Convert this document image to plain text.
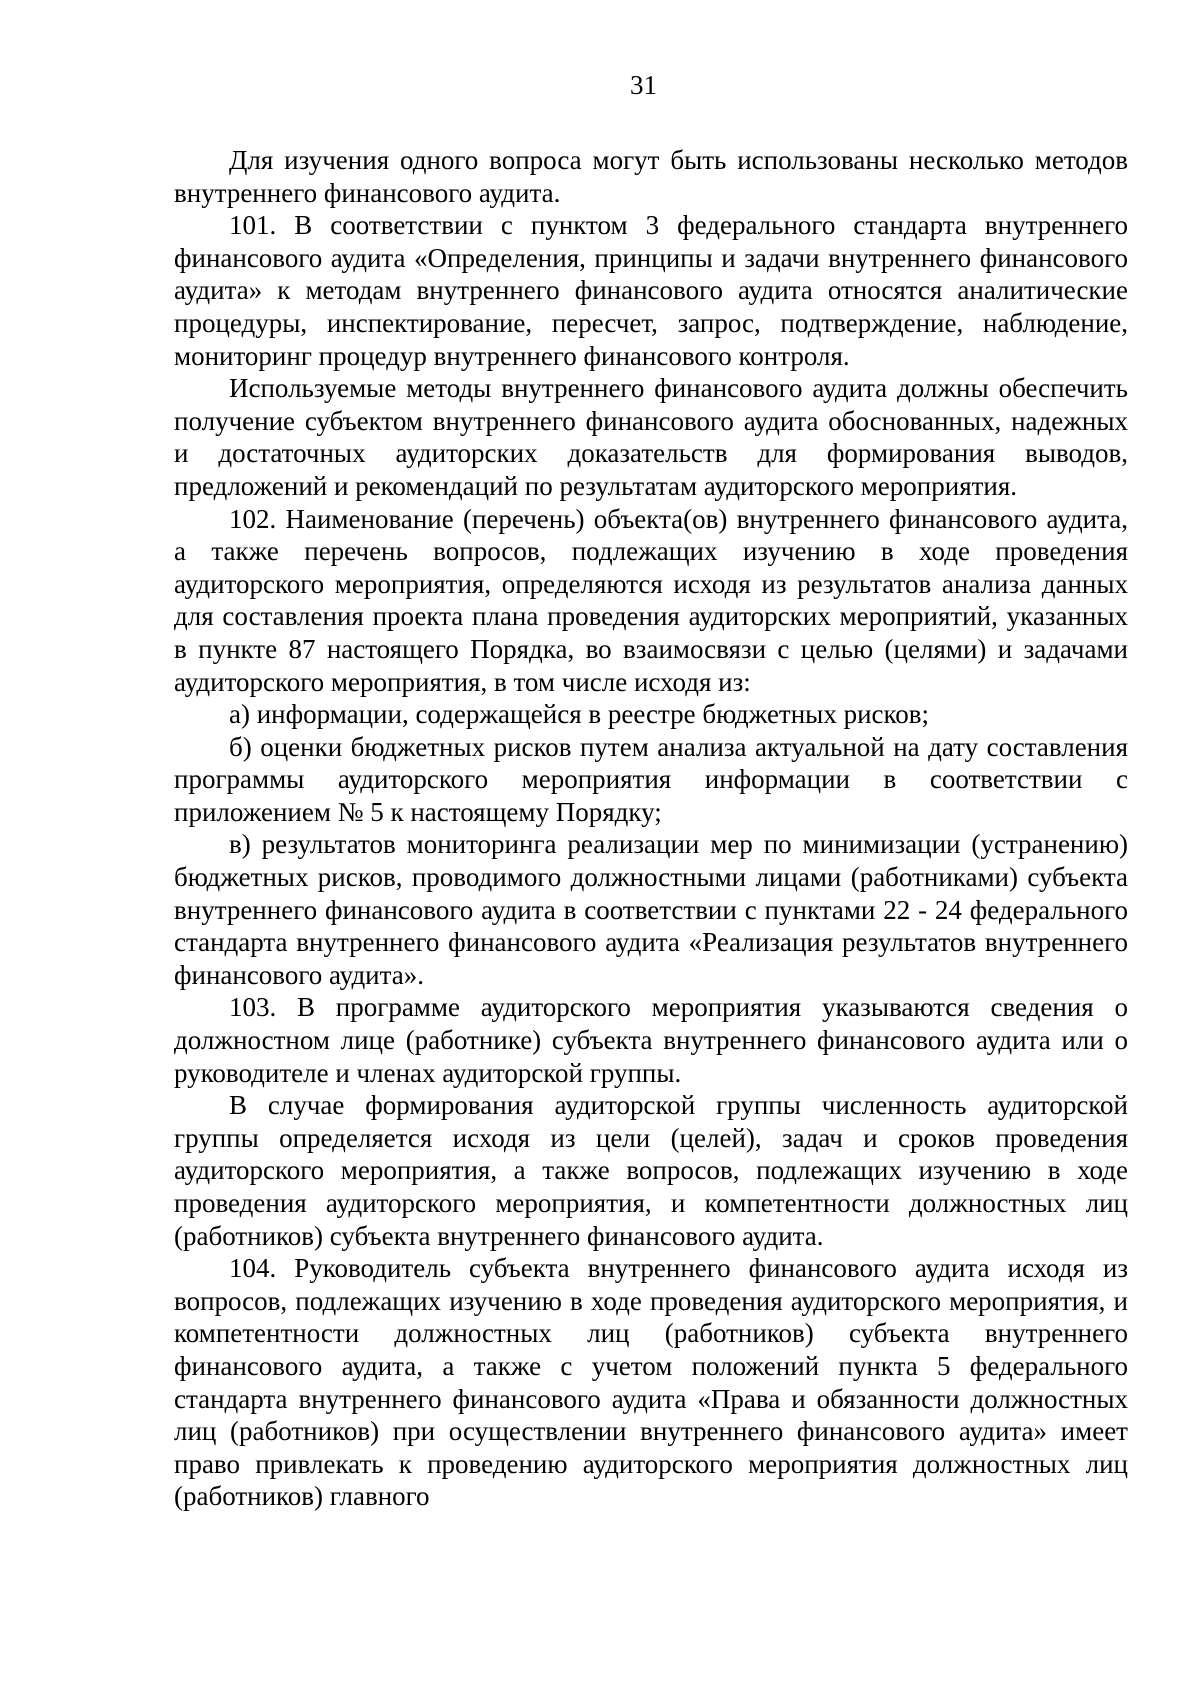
31

Для изучения одного вопроса могут быть использованы несколько методов внутреннего финансового аудита.

101. В соответствии с пунктом 3 федерального стандарта внутреннего финансового аудита «Определения, принципы и задачи внутреннего финансового аудита» к методам внутреннего финансового аудита относятся аналитические процедуры, инспектирование, пересчет, запрос, подтверждение, наблюдение, мониторинг процедур внутреннего финансового контроля.

Используемые методы внутреннего финансового аудита должны обеспечить получение субъектом внутреннего финансового аудита обоснованных, надежных и достаточных аудиторских доказательств для формирования выводов, предложений и рекомендаций по результатам аудиторского мероприятия.

102. Наименование (перечень) объекта(ов) внутреннего финансового аудита, а также перечень вопросов, подлежащих изучению в ходе проведения аудиторского мероприятия, определяются исходя из результатов анализа данных для составления проекта плана проведения аудиторских мероприятий, указанных в пункте 87 настоящего Порядка, во взаимосвязи с целью (целями) и задачами аудиторского мероприятия, в том числе исходя из:

а) информации, содержащейся в реестре бюджетных рисков;

б) оценки бюджетных рисков путем анализа актуальной на дату составления программы аудиторского мероприятия информации в соответствии с приложением № 5 к настоящему Порядку;

в) результатов мониторинга реализации мер по минимизации (устранению) бюджетных рисков, проводимого должностными лицами (работниками) субъекта внутреннего финансового аудита в соответствии с пунктами 22 - 24 федерального стандарта внутреннего финансового аудита «Реализация результатов внутреннего финансового аудита».

103. В программе аудиторского мероприятия указываются сведения о должностном лице (работнике) субъекта внутреннего финансового аудита или о руководителе и членах аудиторской группы.

В случае формирования аудиторской группы численность аудиторской группы определяется исходя из цели (целей), задач и сроков проведения аудиторского мероприятия, а также вопросов, подлежащих изучению в ходе проведения аудиторского мероприятия, и компетентности должностных лиц (работников) субъекта внутреннего финансового аудита.

104. Руководитель субъекта внутреннего финансового аудита исходя из вопросов, подлежащих изучению в ходе проведения аудиторского мероприятия, и компетентности должностных лиц (работников) субъекта внутреннего финансового аудита, а также с учетом положений пункта 5 федерального стандарта внутреннего финансового аудита «Права и обязанности должностных лиц (работников) при осуществлении внутреннего финансового аудита» имеет право привлекать к проведению аудиторского мероприятия должностных лиц (работников) главного
